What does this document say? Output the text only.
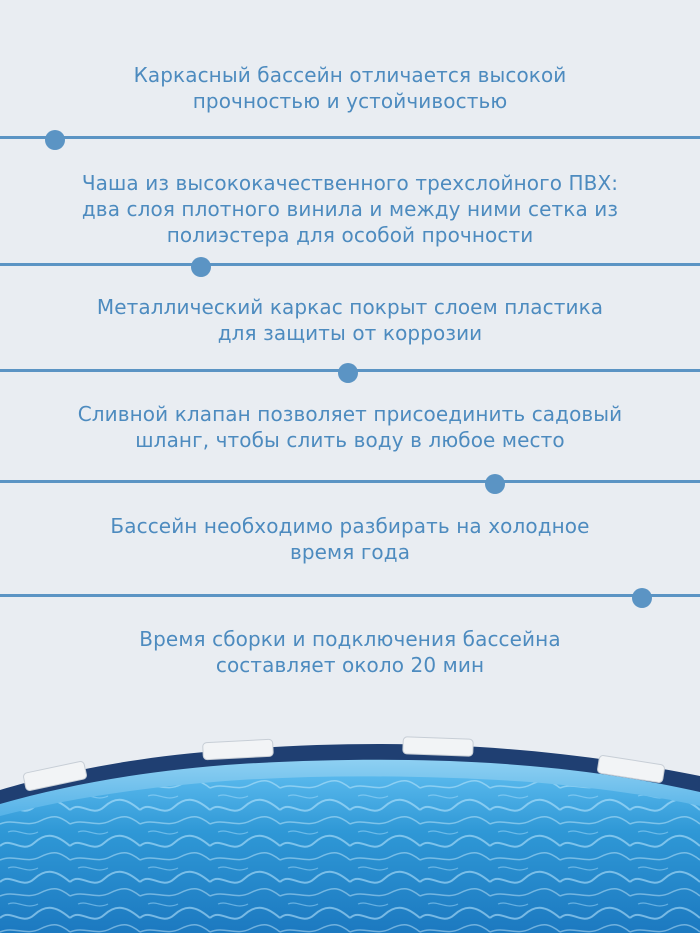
Каркасный бассейн отличается высокой
прочностью и устойчивостью
Чаша из высококачественного трехслойного ПВХ:
два слоя плотного винила и между ними сетка из
полиэстера для особой прочности
Металлический каркас покрыт слоем пластика
для защиты от коррозии
Сливной клапан позволяет присоединить садовый
шланг, чтобы слить воду в любое место
Бассейн необходимо разбирать на холодное
время года
Время сборки и подключения бассейна
составляет около 20 мин
